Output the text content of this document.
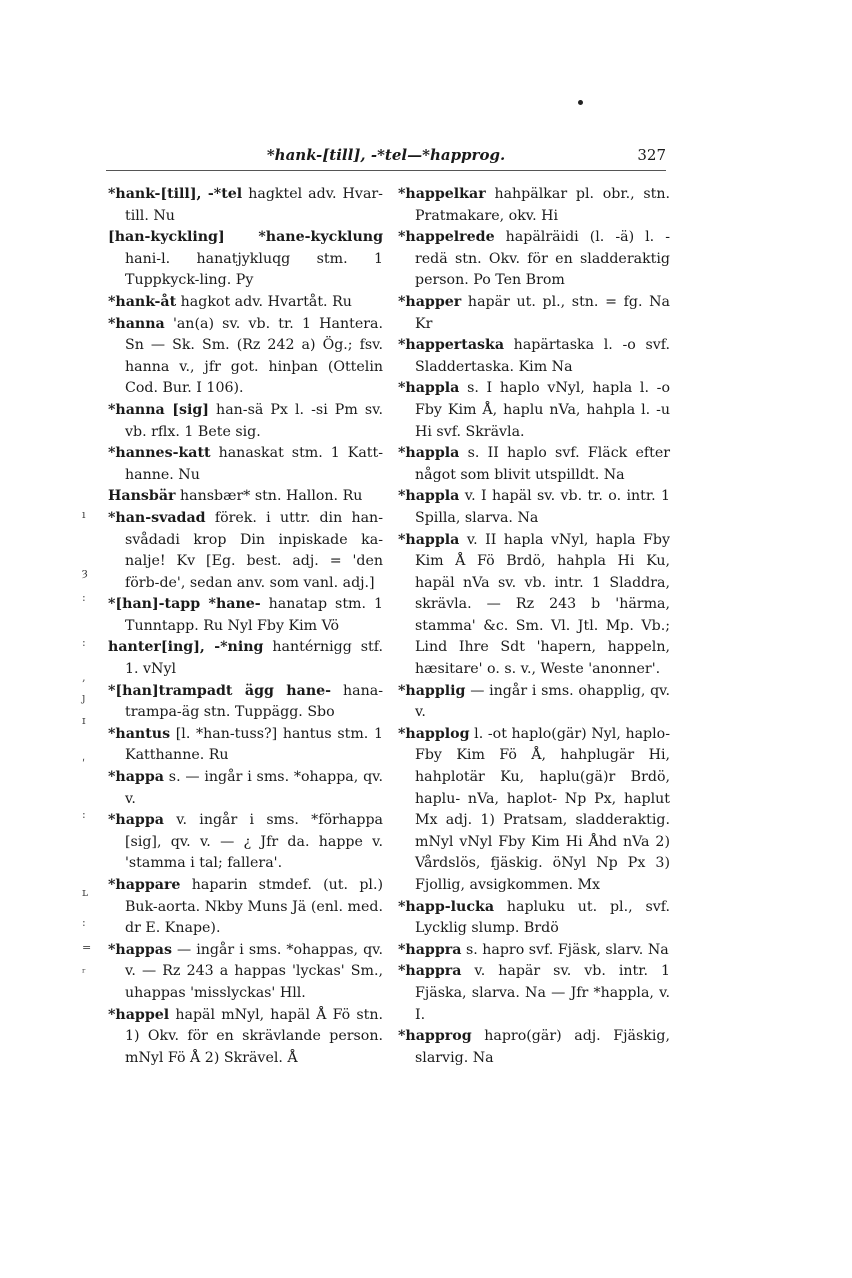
*hank-[till], -*tel—*happrog.	327
ı
ȝ
:
:
‚
ȷ
ɪ
ʹ
:
ʟ
:
=
ʳ

*hank-[till], -*tel hagktel adv. Hvar-till. Nu

[han-kyckling] *hane-kycklung hani-l. hanatjykluqg stm. 1 Tuppkyck-ling. Py

*hank-åt hagkot adv. Hvartåt. Ru

*hanna 'an(a) sv. vb. tr. 1 Hantera. Sn — Sk. Sm. (Rz 242 a) Ög.; fsv. hanna v., jfr got. hinþan (Ottelin Cod. Bur. I 106).

*hanna [sig] han-sä Px l. -si Pm sv. vb. rflx. 1 Bete sig.

*hannes-katt hanaskat stm. 1 Katt-hanne. Nu

Hansbär hansbær* stn. Hallon. Ru

*han-svadad förek. i uttr. din han-svådadi krop Din inpiskade ka-nalje! Kv [Eg. best. adj. = 'den förb-de', sedan anv. som vanl. adj.]

*[han]-tapp *hane- hanatap stm. 1 Tunntapp. Ru Nyl Fby Kim Vö

hanter[ing], -*ning hantérnigg stf. 1. vNyl

*[han]trampadt ägg hane- hana-trampa-äg stn. Tuppägg. Sbo

*hantus [l. *han-tuss?] hantus stm. 1 Katthanne. Ru

*happa s. — ingår i sms. *ohappa, qv. v.

*happa v. ingår i sms. *förhappa [sig], qv. v. — ¿ Jfr da. happe v. 'stamma i tal; fallera'.

*happare haparin stmdef. (ut. pl.) Buk-aorta. Nkby Muns Jä (enl. med. dr E. Knape).

*happas — ingår i sms. *ohappas, qv. v. — Rz 243 a happas 'lyckas' Sm., uhappas 'misslyckas' Hll.

*happel hapäl mNyl, hapäl Å Fö stn. 1) Okv. för en skrävlande person. mNyl Fö Å 2) Skrävel. Å

*happelkar hahpälkar pl. obr., stn. Pratmakare, okv. Hi

*happelrede hapälräidi (l. -ä) l. -redä stn. Okv. för en sladderaktig person. Po Ten Brom

*happer hapär ut. pl., stn. = fg. Na Kr

*happertaska hapärtaska l. -o svf. Sladdertaska. Kim Na

*happla s. I haplo vNyl, hapla l. -o Fby Kim Å, haplu nVa, hahpla l. -u Hi svf. Skrävla.

*happla s. II haplo svf. Fläck efter något som blivit utspilldt. Na

*happla v. I hapäl sv. vb. tr. o. intr. 1 Spilla, slarva. Na

*happla v. II hapla vNyl, hapla Fby Kim Å Fö Brdö, hahpla Hi Ku, hapäl nVa sv. vb. intr. 1 Sladdra, skrävla. — Rz 243 b 'härma, stamma' &c. Sm. Vl. Jtl. Mp. Vb.; Lind Ihre Sdt 'hapern, happeln, hæsitare' o. s. v., Weste 'anonner'.

*happlig — ingår i sms. ohapplig, qv. v.

*happlog l. -ot haplo(gär) Nyl, haplo-Fby Kim Fö Å, hahplugär Hi, hahplotär Ku, haplu(gä)r Brdö, haplu- nVa, haplot- Np Px, haplut Mx adj. 1) Pratsam, sladderaktig. mNyl vNyl Fby Kim Hi Åhd nVa 2) Vårdslös, fjäskig. öNyl Np Px 3) Fjollig, avsigkommen. Mx

*happ-lucka hapluku ut. pl., svf. Lycklig slump. Brdö

*happra s. hapro svf. Fjäsk, slarv. Na

*happra v. hapär sv. vb. intr. 1 Fjäska, slarva. Na — Jfr *happla, v. I.

*happrog hapro(gär) adj. Fjäskig, slarvig. Na
